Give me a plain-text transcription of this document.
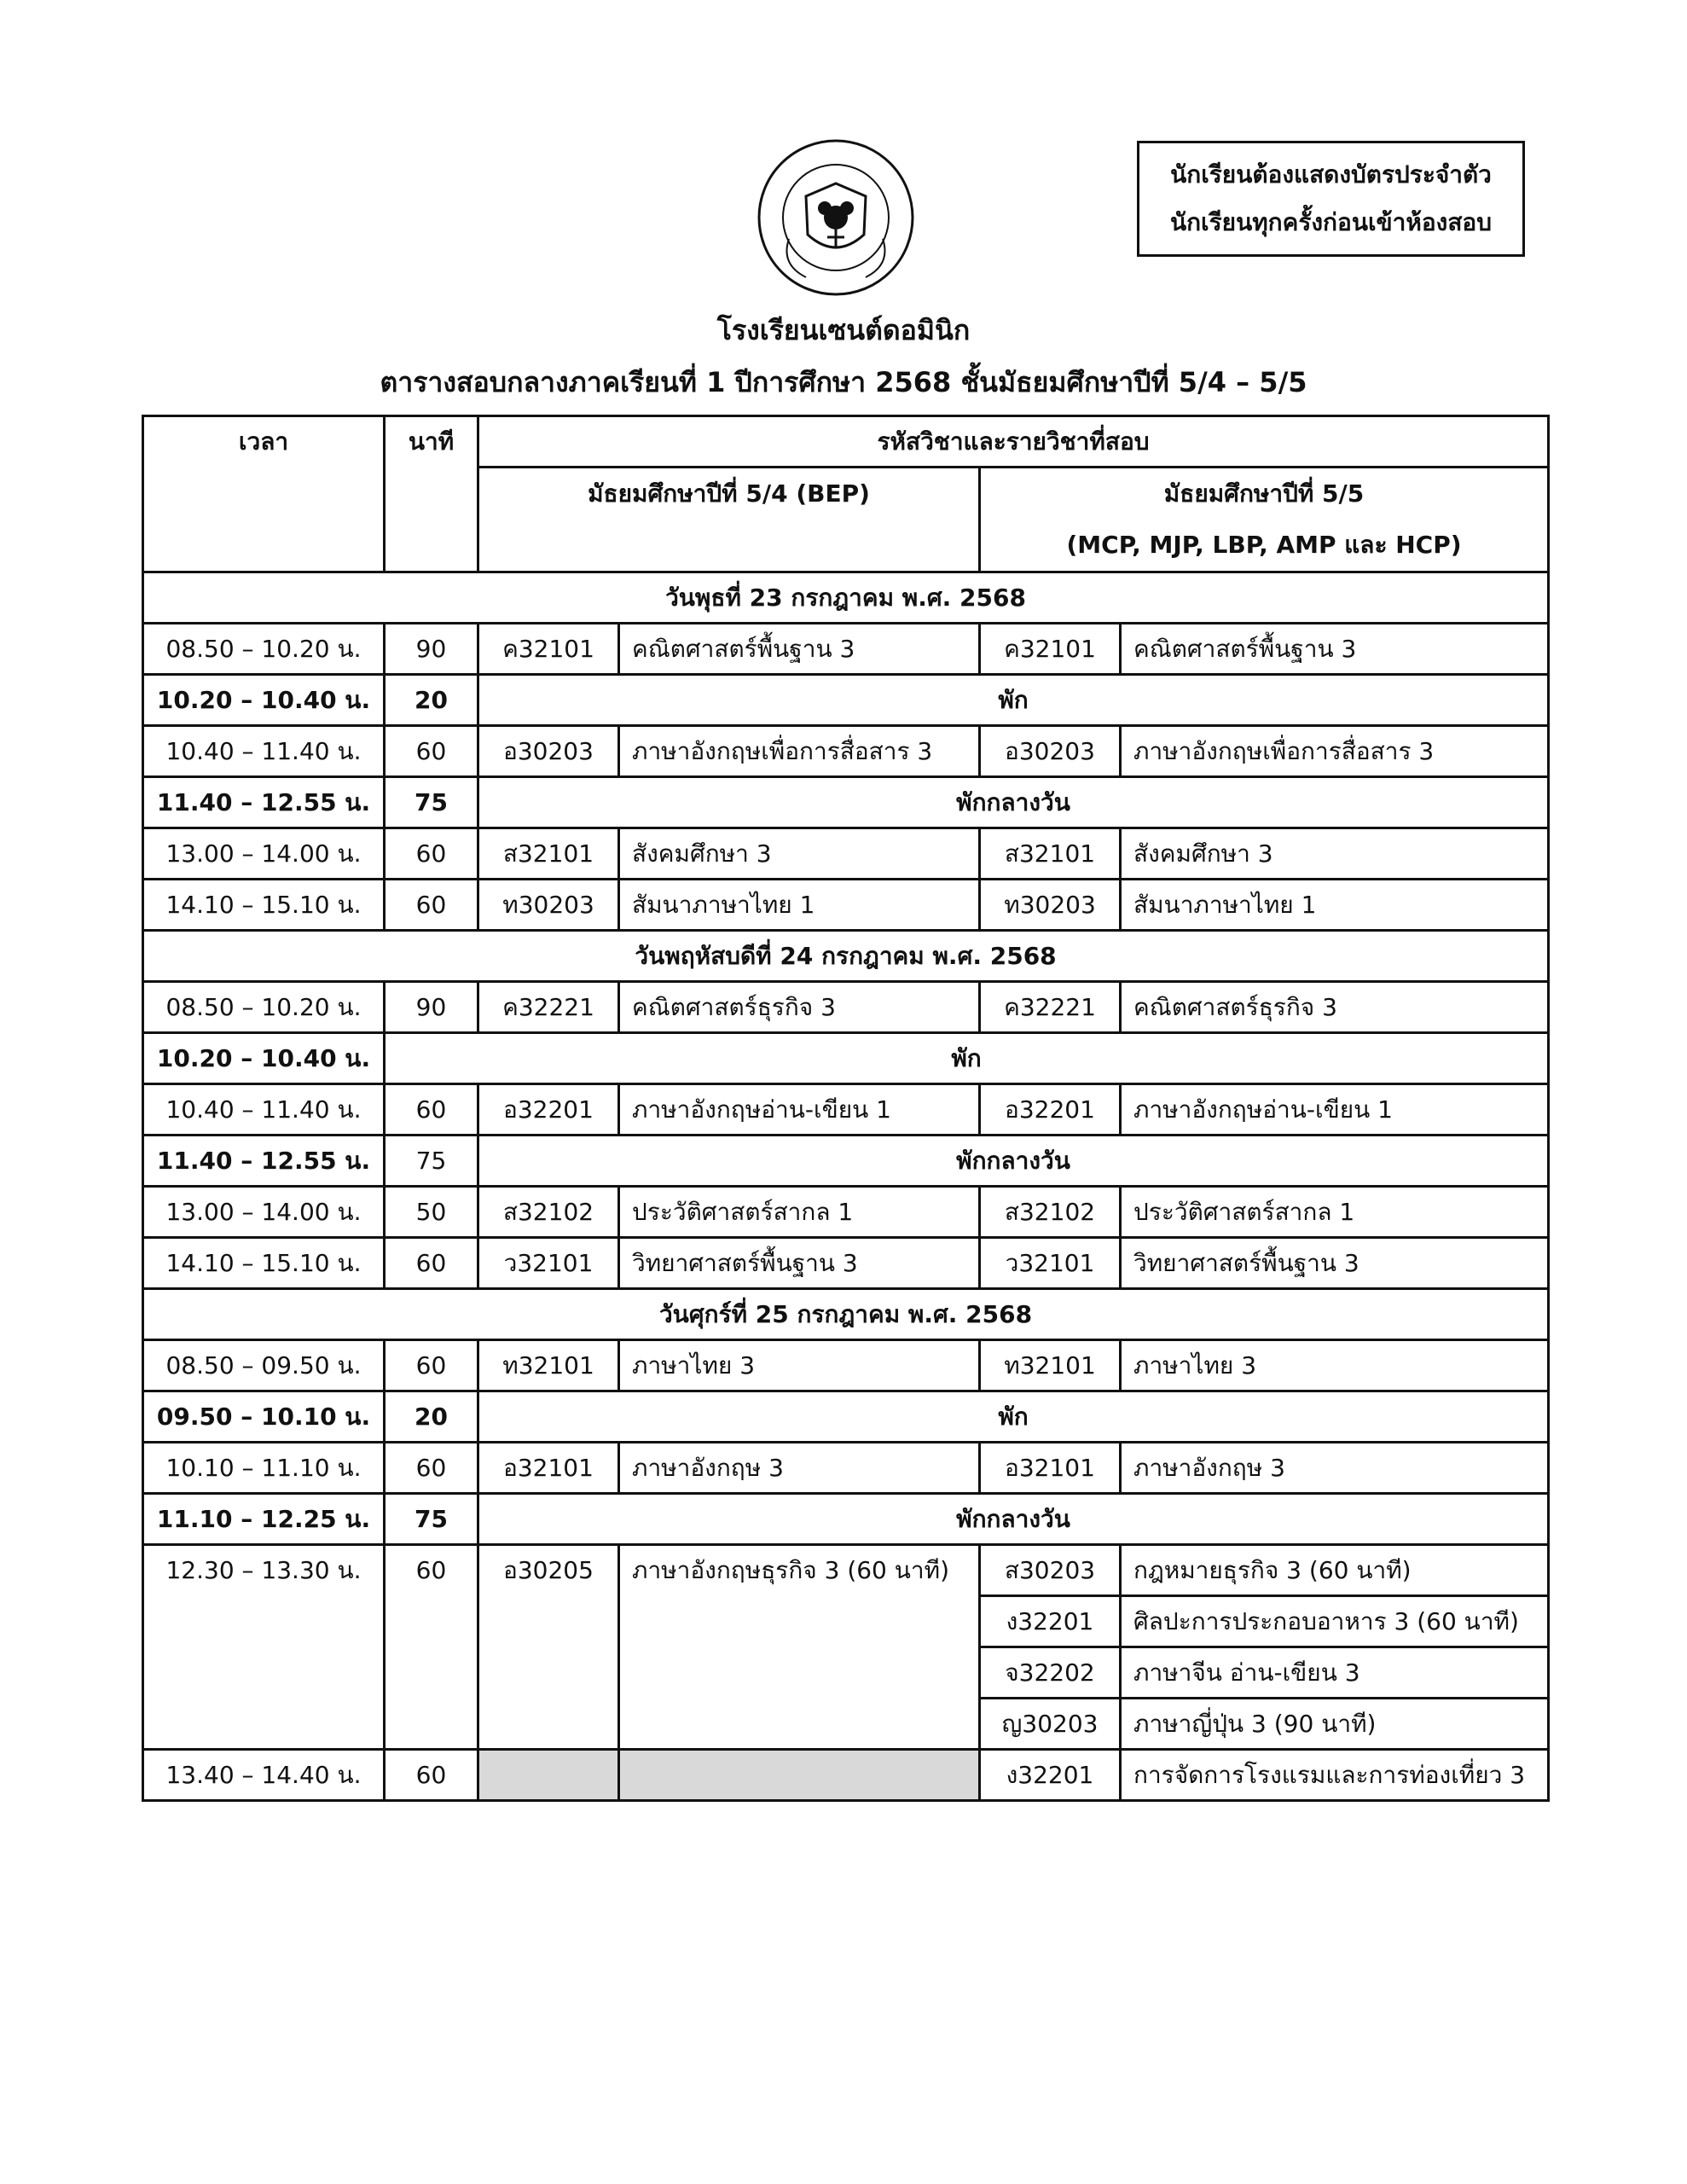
นักเรียนต้องแสดงบัตรประจำตัว
นักเรียนทุกครั้งก่อนเข้าห้องสอบ
โรงเรียนเซนต์ดอมินิก
ตารางสอบกลางภาคเรียนที่ 1 ปีการศึกษา 2568 ชั้นมัธยมศึกษาปีที่ 5/4 – 5/5
เวลา	นาที	รหัสวิชาและรายวิชาที่สอบ			

		มัธยมศึกษาปีที่ 5/4 (BEP)		มัธยมศึกษาปีที่ 5/5
(MCP, MJP, LBP, AMP และ HCP)	

วันพุธที่ 23 กรกฎาคม พ.ศ. 2568					
08.50 – 10.20 น.	90	ค32101	คณิตศาสตร์พื้นฐาน 3	ค32101	คณิตศาสตร์พื้นฐาน 3
10.20 – 10.40 น.	20	พัก			
10.40 – 11.40 น.	60	อ30203	ภาษาอังกฤษเพื่อการสื่อสาร 3	อ30203	ภาษาอังกฤษเพื่อการสื่อสาร 3
11.40 – 12.55 น.	75	พักกลางวัน			
13.00 – 14.00 น.	60	ส32101	สังคมศึกษา 3	ส32101	สังคมศึกษา 3
14.10 – 15.10 น.	60	ท30203	สัมนาภาษาไทย 1	ท30203	สัมนาภาษาไทย 1
วันพฤหัสบดีที่ 24 กรกฎาคม พ.ศ. 2568					
08.50 – 10.20 น.	90	ค32221	คณิตศาสตร์ธุรกิจ 3	ค32221	คณิตศาสตร์ธุรกิจ 3
10.20 – 10.40 น.	พัก				
10.40 – 11.40 น.	60	อ32201	ภาษาอังกฤษอ่าน-เขียน 1	อ32201	ภาษาอังกฤษอ่าน-เขียน 1
11.40 – 12.55 น.	75	พักกลางวัน			
13.00 – 14.00 น.	50	ส32102	ประวัติศาสตร์สากล 1	ส32102	ประวัติศาสตร์สากล 1
14.10 – 15.10 น.	60	ว32101	วิทยาศาสตร์พื้นฐาน 3	ว32101	วิทยาศาสตร์พื้นฐาน 3
วันศุกร์ที่ 25 กรกฎาคม พ.ศ. 2568					
08.50 – 09.50 น.	60	ท32101	ภาษาไทย 3	ท32101	ภาษาไทย 3
09.50 – 10.10 น.	20	พัก			
10.10 – 11.10 น.	60	อ32101	ภาษาอังกฤษ 3	อ32101	ภาษาอังกฤษ 3
11.10 – 12.25 น.	75	พักกลางวัน			
12.30 – 13.30 น.	60	อ30205	ภาษาอังกฤษธุรกิจ 3 (60 นาที)	ส30203	กฎหมายธุรกิจ 3 (60 นาที)
				ง32201	ศิลปะการประกอบอาหาร 3 (60 นาที)
				จ32202	ภาษาจีน อ่าน-เขียน 3
				ญ30203	ภาษาญี่ปุ่น 3 (90 นาที)
13.40 – 14.40 น.	60			ง32201	การจัดการโรงแรมและการท่องเที่ยว 3
